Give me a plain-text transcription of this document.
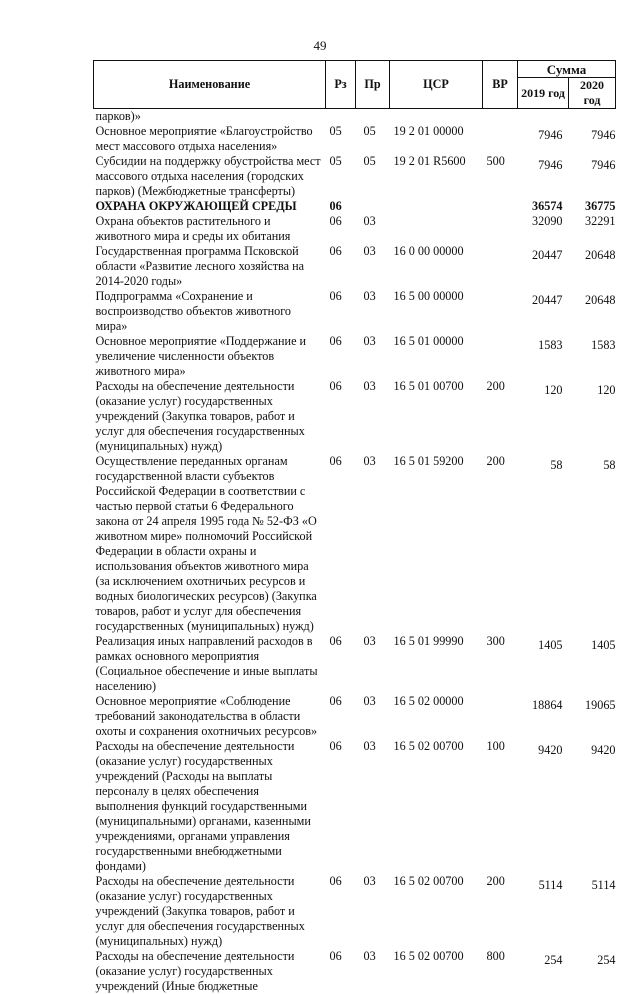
49
Наименование	Рз	Пр	ЦСР	ВР	Сумма	
					2019 год	2020 год
парков)»						
Основное мероприятие «Благоустройство мест массового отдыха населения»	05	05	19 2 01 00000		7946	7946
Субсидии на поддержку обустройства мест массового отдыха населения (городских парков) (Межбюджетные трансферты)	05	05	19 2 01 R5600	500	7946	7946
ОХРАНА ОКРУЖАЮЩЕЙ СРЕДЫ	06				36574	36775
Охрана объектов растительного и животного мира и среды их обитания	06	03			32090	32291
Государственная программа Псковской области «Развитие лесного хозяйства на 2014-2020 годы»	06	03	16 0 00 00000		20447	20648
Подпрограмма «Сохранение и воспроизводство объектов животного мира»	06	03	16 5 00 00000		20447	20648
Основное мероприятие «Поддержание и увеличение численности объектов животного мира»	06	03	16 5 01 00000		1583	1583
Расходы на обеспечение деятельности (оказание услуг) государственных учреждений (Закупка товаров, работ и услуг для обеспечения государственных (муниципальных) нужд)	06	03	16 5 01 00700	200	120	120
Осуществление переданных органам государственной власти субъектов Российской Федерации в соответствии с частью первой статьи 6 Федерального закона от 24 апреля 1995 года № 52-ФЗ «О животном мире» полномочий Российской Федерации в области охраны и использования объектов животного мира (за исключением охотничьих ресурсов и водных биологических ресурсов) (Закупка товаров, работ и услуг для обеспечения государственных (муниципальных) нужд)	06	03	16 5 01 59200	200	58	58
Реализация иных направлений расходов в рамках основного мероприятия (Социальное обеспечение и иные выплаты населению)	06	03	16 5 01 99990	300	1405	1405
Основное мероприятие «Соблюдение требований законодательства в области охоты и сохранения охотничьих ресурсов»	06	03	16 5 02 00000		18864	19065
Расходы на обеспечение деятельности (оказание услуг) государственных учреждений (Расходы на выплаты персоналу в целях обеспечения выполнения функций государственными (муниципальными) органами, казенными учреждениями, органами управления государственными внебюджетными фондами)	06	03	16 5 02 00700	100	9420	9420
Расходы на обеспечение деятельности (оказание услуг) государственных учреждений (Закупка товаров, работ и услуг для обеспечения государственных (муниципальных) нужд)	06	03	16 5 02 00700	200	5114	5114
Расходы на обеспечение деятельности (оказание услуг) государственных учреждений (Иные бюджетные	06	03	16 5 02 00700	800	254	254
